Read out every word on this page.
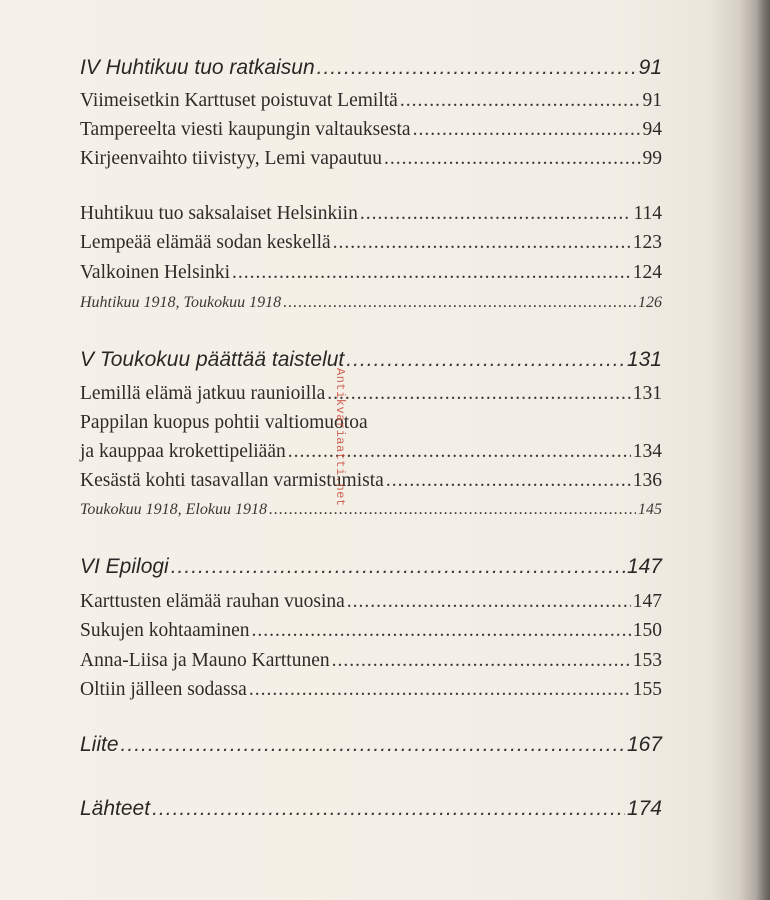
IV Huhtikuu tuo ratkaisun .....	91
Viimeisetkin Karttuset poistuvat Lemiltä .....	91
Tampereelta viesti kaupungin valtauksesta .....	94
Kirjeenvaihto tiivistyy, Lemi vapautuu .....	99
Huhtikuu tuo saksalaiset Helsinkiin .....	114
Lempeää elämää sodan keskellä .....	123
Valkoinen Helsinki .....	124
Huhtikuu 1918, Toukokuu 1918 .....	126
V Toukokuu päättää taistelut .....	131
Lemillä elämä jatkuu raunioilla .....	131
Pappilan kuopus pohtii valtiomuotoa
ja kauppaa krokettipeliään .....	134
Kesästä kohti tasavallan varmistumista .....	136
Toukokuu 1918, Elokuu 1918 .....	145
VI Epilogi .....	147
Karttusten elämää rauhan vuosina .....	147
Sukujen kohtaaminen .....	150
Anna-Liisa ja Mauno Karttunen .....	153
Oltiin jälleen sodassa .....	155
Liite .....	167
Lähteet .....	174
Antikvariaatti.net
